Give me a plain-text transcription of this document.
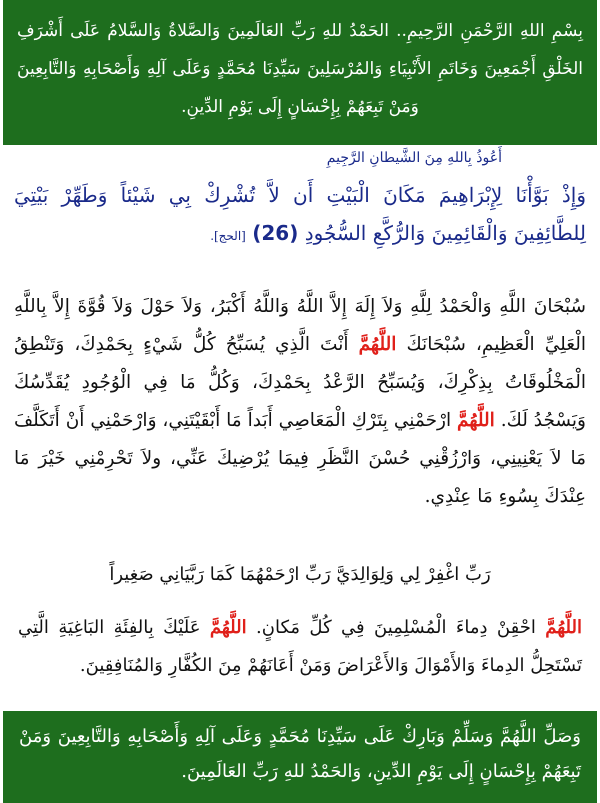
بِسْمِ اللهِ الرَّحْمَنِ الرَّحِيمِ.. الحَمْدُ للهِ رَبِّ العَالَمِينَ وَالصَّلاةُ وَالسَّلامُ عَلَى أَشْرَفِ الخَلْقِ أَجْمَعِينَ وَخَاتَمِ الأَنْبِيَاءِ وَالمُرْسَلِينَ سَيِّدِنَا مُحَمَّدٍ وَعَلَى آلِهِ وَأَصْحَابِهِ وَالتَّابِعِينَ وَمَنْ تَبِعَهُمْ بِإِحْسَانٍ إِلَى يَوْمِ الدِّينِ.
أَعُوذُ بِاللهِ مِنَ الشَّيطانِ الرَّجِيمِ
وَإِذْ بَوَّأْنَا لِإِبْرَاهِيمَ مَكَانَ الْبَيْتِ أَن لاَّ تُشْرِكْ بِي شَيْئاً وَطَهِّرْ بَيْتِيَ لِلطَّائِفِينَ وَالْقَائِمِينَ وَالرُّكَّعِ السُّجُودِ (26) [الحج].
سُبْحَانَ اللَّهِ وَالْحَمْدُ لِلَّهِ وَلاَ إِلَهَ إِلاَّ اللَّهُ وَاللَّهُ أَكْبَرُ، وَلاَ حَوْلَ وَلاَ قُوَّةَ إِلاَّ بِاللَّهِ الْعَلِيِّ الْعَظِيمِ، سُبْحَانَكَ اللَّهُمَّ أَنْتَ الَّذِي يُسَبِّحُ كُلُّ شَيْءٍ بِحَمْدِكَ، وَتَنْطِقُ الْمَخْلُوقَاتُ بِذِكْرِكَ، وَيُسَبِّحُ الرَّعْدُ بِحَمْدِكَ، وَكُلُّ مَا فِي الْوُجُودِ يُقَدِّسُكَ وَيَسْجُدُ لَكَ. اللَّهُمَّ ارْحَمْنِي بِتَرْكِ الْمَعَاصِي أَبَداً مَا أَبْقَيْتَنِي، وَارْحَمْنِي أَنْ أَتَكَلَّفَ مَا لاَ يَعْنِينِي، وَارْزُقْنِي حُسْنَ النَّظَرِ فِيمَا يُرْضِيكَ عَنِّي، ولاَ تَحْرِمْنِي خَيْرَ مَا عِنْدَكَ بِسُوءِ مَا عِنْدِي.
رَبِّ اغْفِرْ لِي وَلِوَالِدَيَّ رَبِّ ارْحَمْهُمَا كَمَا رَبَّيَانِي صَغِيراً
اللَّهُمَّ احْقِنْ دِماءَ الْمُسْلِمِينَ فِي كُلِّ مَكانٍ. اللَّهُمَّ عَلَيْكَ بِالفِئَةِ البَاغِيَةِ الَّتِي تَسْتَحِلُّ الدِماءَ وَالأَمْوَالَ وَالأَعْرَاضَ وَمَنْ أَعَانَهُمْ مِنَ الكُفَّارِ وَالمُنَافِقِينَ.
وَصَلِّ اللَّهُمَّ وَسَلِّمْ وَبَارِكْ عَلَى سَيِّدِنَا مُحَمَّدٍ وَعَلَى آلِهِ وَأَصْحَابِهِ وَالتَّابِعِينَ وَمَنْ تَبِعَهُمْ بِإِحْسَانٍ إِلَى يَوْمِ الدِّينِ، وَالحَمْدُ للهِ رَبِّ العَالَمِينَ.
